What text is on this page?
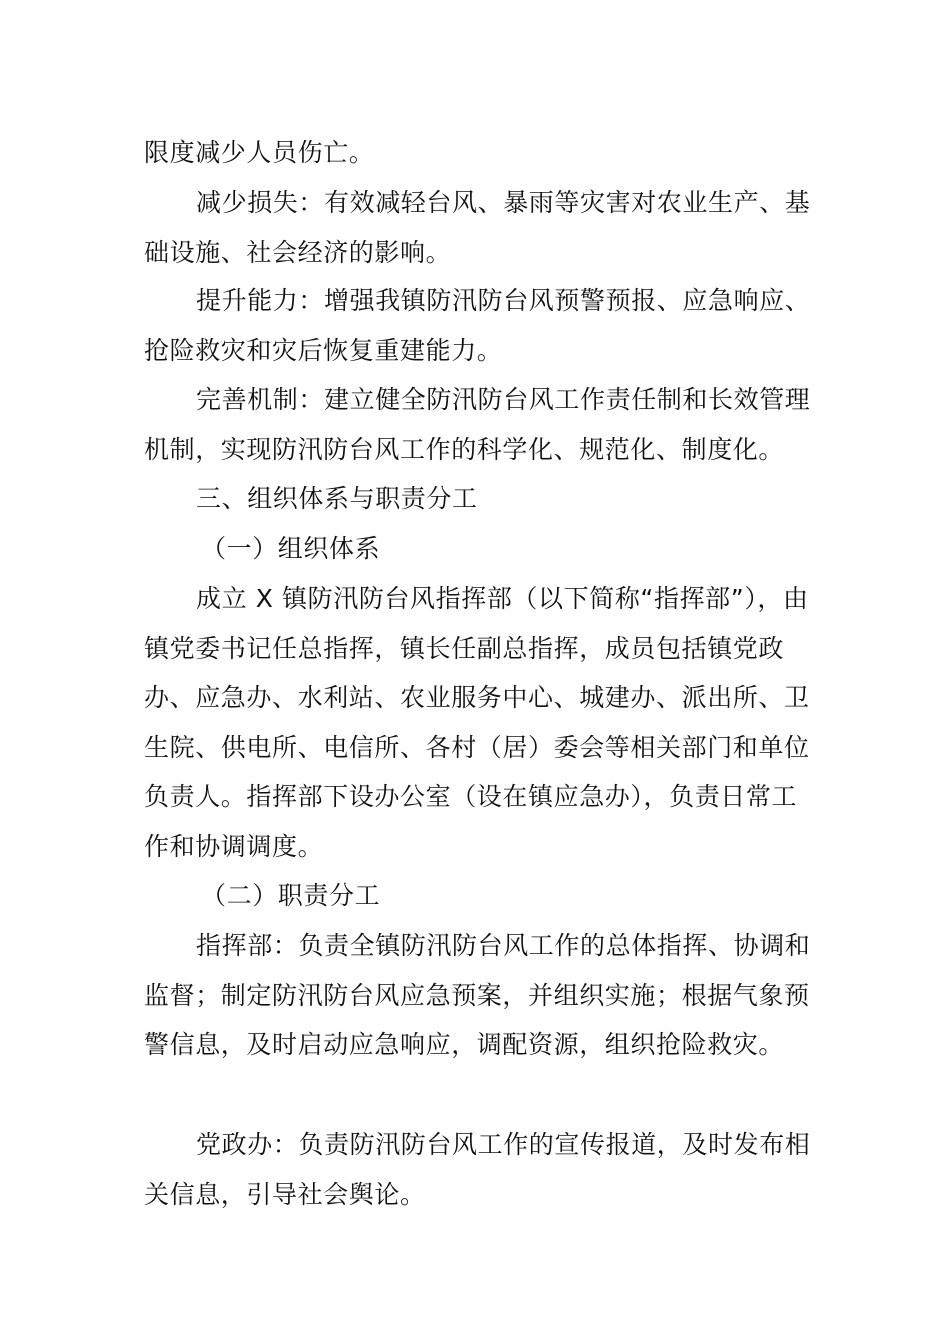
限度减少人员伤亡。

减少损失：有效减轻台风、暴雨等灾害对农业生产、基础设施、社会经济的影响。

提升能力：增强我镇防汛防台风预警预报、应急响应、抢险救灾和灾后恢复重建能力。

完善机制：建立健全防汛防台风工作责任制和长效管理机制，实现防汛防台风工作的科学化、规范化、制度化。

三、组织体系与职责分工

（一）组织体系

成立 X 镇防汛防台风指挥部（以下简称“指挥部”），由镇党委书记任总指挥，镇长任副总指挥，成员包括镇党政办、应急办、水利站、农业服务中心、城建办、派出所、卫生院、供电所、电信所、各村（居）委会等相关部门和单位负责人。指挥部下设办公室（设在镇应急办），负责日常工作和协调调度。

（二）职责分工

指挥部：负责全镇防汛防台风工作的总体指挥、协调和监督；制定防汛防台风应急预案，并组织实施；根据气象预警信息，及时启动应急响应，调配资源，组织抢险救灾。

党政办：负责防汛防台风工作的宣传报道，及时发布相关信息，引导社会舆论。
